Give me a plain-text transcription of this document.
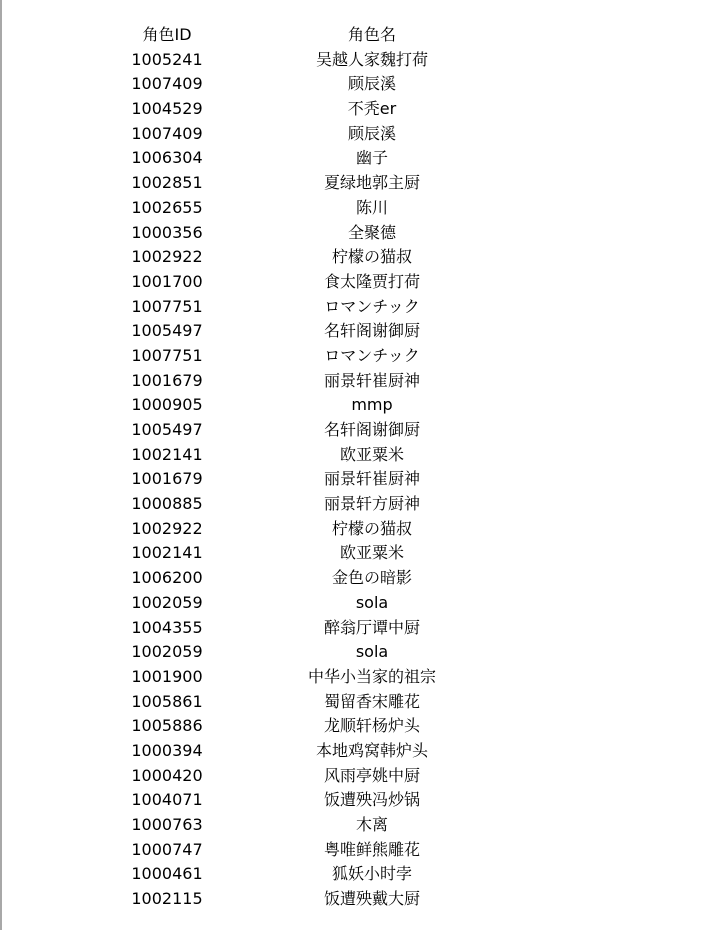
角色ID	角色名
1005241	吴越人家魏打荷
1007409	顾辰溪
1004529	不秃er
1007409	顾辰溪
1006304	幽子
1002851	夏绿地郭主厨
1002655	陈川
1000356	全聚德
1002922	柠檬の猫叔
1001700	食太隆贾打荷
1007751	ロマンチック
1005497	名轩阁谢御厨
1007751	ロマンチック
1001679	丽景轩崔厨神
1000905	mmp
1005497	名轩阁谢御厨
1002141	欧亚粟米
1001679	丽景轩崔厨神
1000885	丽景轩方厨神
1002922	柠檬の猫叔
1002141	欧亚粟米
1006200	金色の暗影
1002059	sola
1004355	醉翁厅谭中厨
1002059	sola
1001900	中华小当家的祖宗
1005861	蜀留香宋雕花
1005886	龙顺轩杨炉头
1000394	本地鸡窝韩炉头
1000420	风雨亭姚中厨
1004071	饭遭殃冯炒锅
1000763	木离
1000747	粤唯鲜熊雕花
1000461	狐妖小时孛
1002115	饭遭殃戴大厨
